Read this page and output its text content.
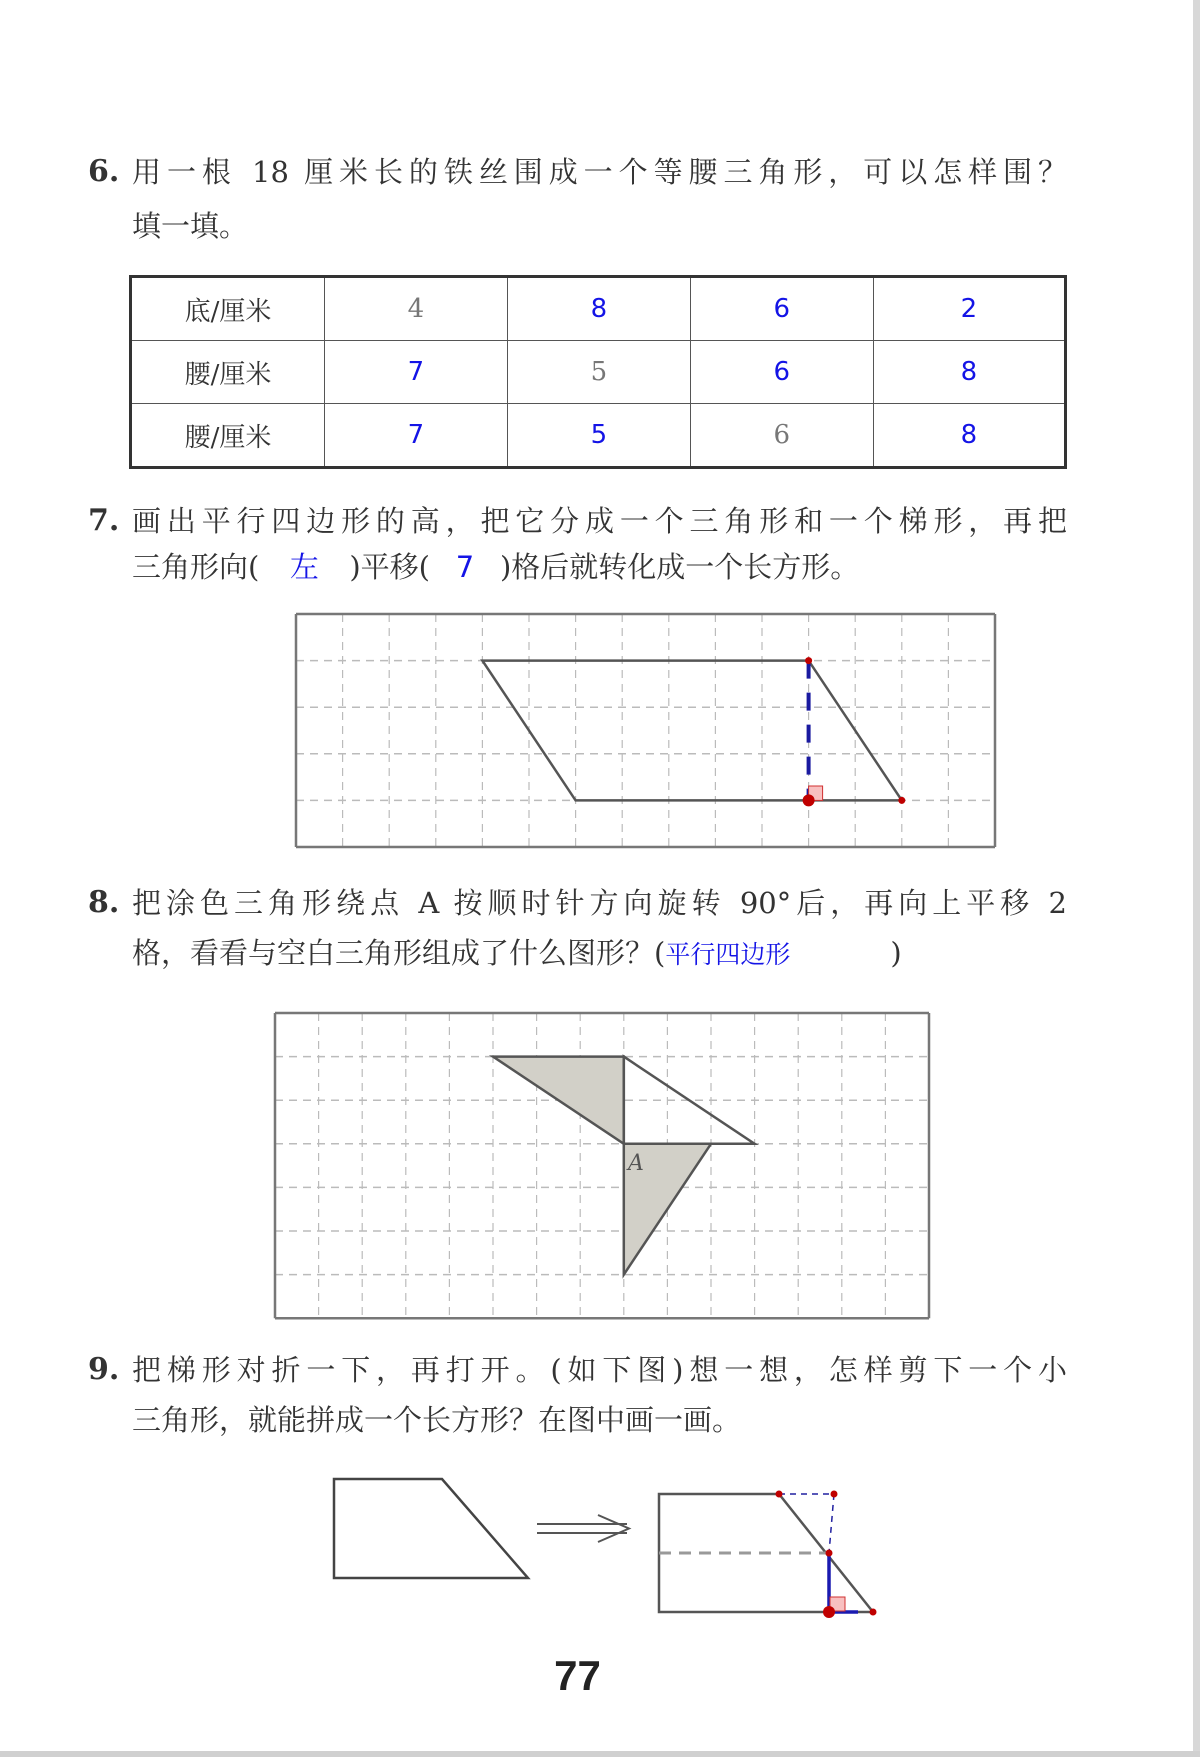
6. 用一根 18 厘米长的铁丝围成一个等腰三角形，可以怎样围？
填一填。
底/厘米	4	8	6	2
腰/厘米	7	5	6	8
腰/厘米	7	5	6	8
7. 画出平行四边形的高，把它分成一个三角形和一个梯形，再把
三角形向( 左 )平移( 7 )格后就转化成一个长方形。
8. 把涂色三角形绕点 A 按顺时针方向旋转 90°后，再向上平移 2
格，看看与空白三角形组成了什么图形？(平行四边形	)
9. 把梯形对折一下，再打开。(如下图)想一想，怎样剪下一个小
三角形，就能拼成一个长方形？在图中画一画。
A
77
